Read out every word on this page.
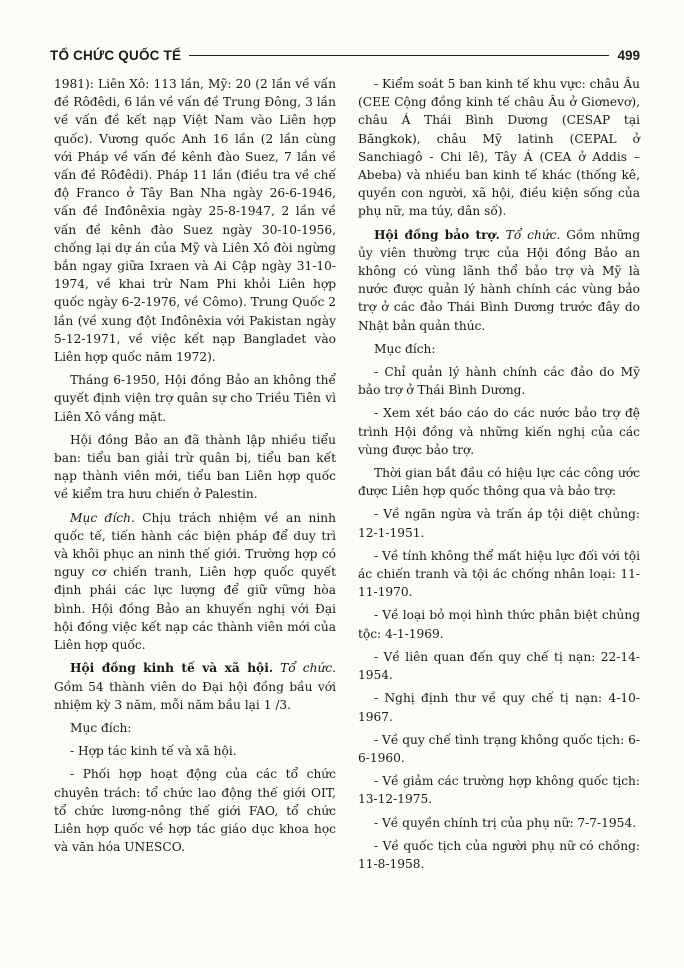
TỔ CHỨC QUỐC TẾ	499

1981): Liên Xô: 113 lần, Mỹ: 20 (2 lần về vấn đề Rôđêdi, 6 lần về vấn đề Trung Đông, 3 lần về vấn đề kết nạp Việt Nam vào Liên hợp quốc). Vương quốc Anh 16 lần (2 lần cùng với Pháp về vấn đề kênh đào Suez, 7 lần về vấn đề Rôđêdi). Pháp 11 lần (điều tra về chế độ Franco ở Tây Ban Nha ngày 26-6-1946, vấn đề Inđônêxia ngày 25-8-1947, 2 lần về vấn đề kênh đào Suez ngày 30-10-1956, chống lại dự án của Mỹ và Liên Xô đòi ngừng bắn ngay giữa Ixraen và Ai Cập ngày 31-10-1974, về khai trừ Nam Phi khỏi Liên hợp quốc ngày 6-2-1976, về Cômo). Trung Quốc 2 lần (về xung đột Inđônêxia với Pakistan ngày 5-12-1971, về việc kết nạp Bangladet vào Liên hợp quốc năm 1972).

Tháng 6-1950, Hội đồng Bảo an không thể quyết định viện trợ quân sự cho Triều Tiên vì Liên Xô vắng mặt.

Hội đồng Bảo an đã thành lập nhiều tiểu ban: tiểu ban giải trừ quân bị, tiểu ban kết nạp thành viên mới, tiểu ban Liên hợp quốc về kiểm tra hưu chiến ở Palestin.

Mục đích. Chịu trách nhiệm về an ninh quốc tế, tiến hành các biện pháp để duy trì và khôi phục an ninh thế giới. Trường hợp có nguy cơ chiến tranh, Liên hợp quốc quyết định phái các lực lượng để giữ vững hòa bình. Hội đồng Bảo an khuyến nghị với Đại hội đồng việc kết nạp các thành viên mới của Liên hợp quốc.

Hội đồng kinh tế và xã hội. Tổ chức. Gồm 54 thành viên do Đại hội đồng bầu với nhiệm kỳ 3 năm, mỗi năm bầu lại 1 /3.

Mục đích:

- Hợp tác kinh tế và xã hội.

- Phối hợp hoạt động của các tổ chức chuyên trách: tổ chức lao động thế giới OIT, tổ chức lương-nông thế giới FAO, tổ chức Liên hợp quốc về hợp tác giáo dục khoa học và văn hóa UNESCO.

- Kiểm soát 5 ban kinh tế khu vực: châu Âu (CEE Cộng đồng kinh tế châu Âu ở Giơnevơ), châu Á Thái Bình Dương (CESAP tại Băngkok), châu Mỹ latinh (CEPAL ở Sanchiagô - Chi lê), Tây Á (CEA ở Addis – Abeba) và nhiều ban kinh tế khác (thống kê, quyền con người, xã hội, điều kiện sống của phụ nữ, ma túy, dân số).

Hội đồng bảo trợ. Tổ chức. Gồm những ủy viên thường trực của Hội đồng Bảo an không có vùng lãnh thổ bảo trợ và Mỹ là nước được quản lý hành chính các vùng bảo trợ ở các đảo Thái Bình Dương trước đây do Nhật bản quản thúc.

Mục đích:

- Chỉ quản lý hành chính các đảo do Mỹ bảo trợ ở Thái Bình Dương.

- Xem xét báo cáo do các nước bảo trợ đệ trình Hội đồng và những kiến nghị của các vùng được bảo trợ.

Thời gian bắt đầu có hiệu lực các công ước được Liên hợp quốc thông qua và bảo trợ:

- Về ngăn ngừa và trấn áp tội diệt chủng: 12-1-1951.

- Về tính không thể mất hiệu lực đối với tội ác chiến tranh và tội ác chống nhân loại: 11-11-1970.

- Về loại bỏ mọi hình thức phân biệt chủng tộc: 4-1-1969.

- Về liên quan đến quy chế tị nạn: 22-14-1954.

- Nghị định thư về quy chế tị nạn: 4-10-1967.

- Về quy chế tình trạng không quốc tịch: 6-6-1960.

- Về giảm các trường hợp không quốc tịch: 13-12-1975.

- Về quyền chính trị của phụ nữ: 7-7-1954.

- Về quốc tịch của người phụ nữ có chồng: 11-8-1958.
